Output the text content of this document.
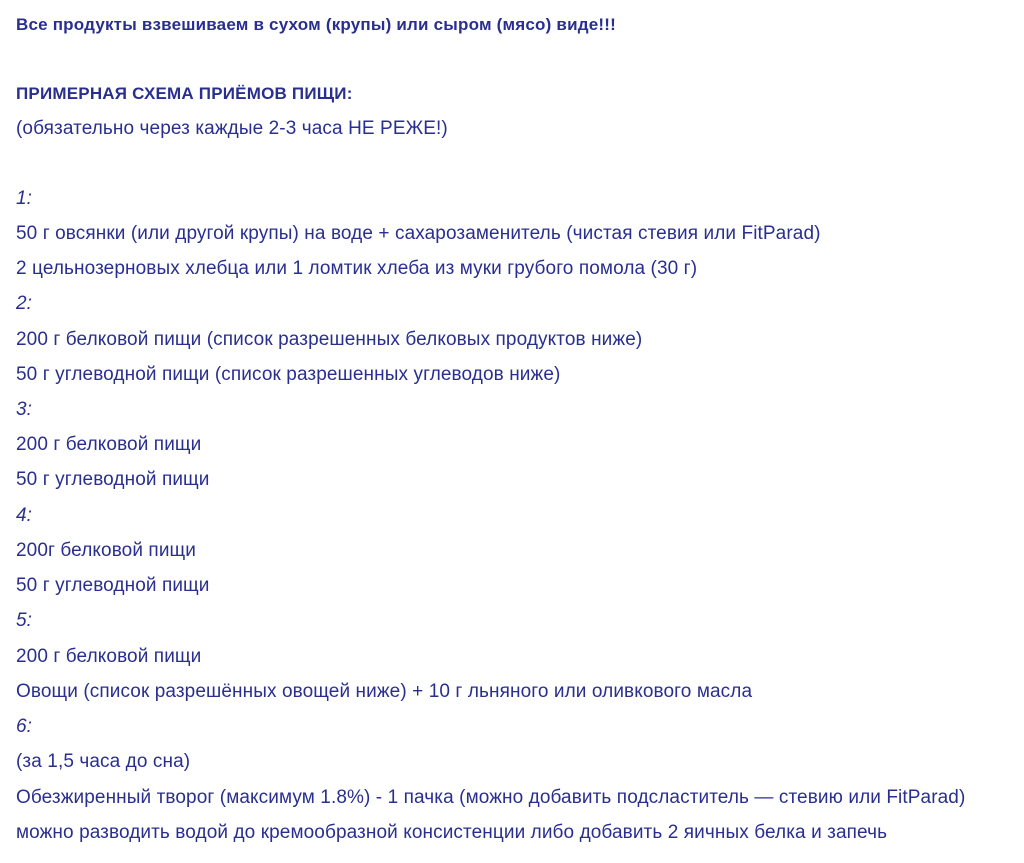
Все продукты взвешиваем в сухом (крупы) или сыром (мясо) виде!!!
ПРИМЕРНАЯ СХЕМА ПРИЁМОВ ПИЩИ:
(обязательно через каждые 2-3 часа НЕ РЕЖЕ!)
1:
50 г овсянки (или другой крупы) на воде + сахарозаменитель (чистая стевия или FitParad)
2 цельнозерновых хлебца или 1 ломтик хлеба из муки грубого помола (30 г)
2:
200 г белковой пищи (список разрешенных белковых продуктов ниже)
50 г углеводной пищи (список разрешенных углеводов ниже)
3:
200 г белковой пищи
50 г углеводной пищи
4:
200г белковой пищи
50 г углеводной пищи
5:
200 г белковой пищи
Овощи (список разрешённых овощей ниже) + 10 г льняного или оливкового масла
6:
(за 1,5 часа до сна)
Обезжиренный творог (максимум 1.8%) - 1 пачка (можно добавить подсластитель — стевию или FitParad)
можно разводить водой до кремообразной консистенции либо добавить 2 яичных белка и запечь
